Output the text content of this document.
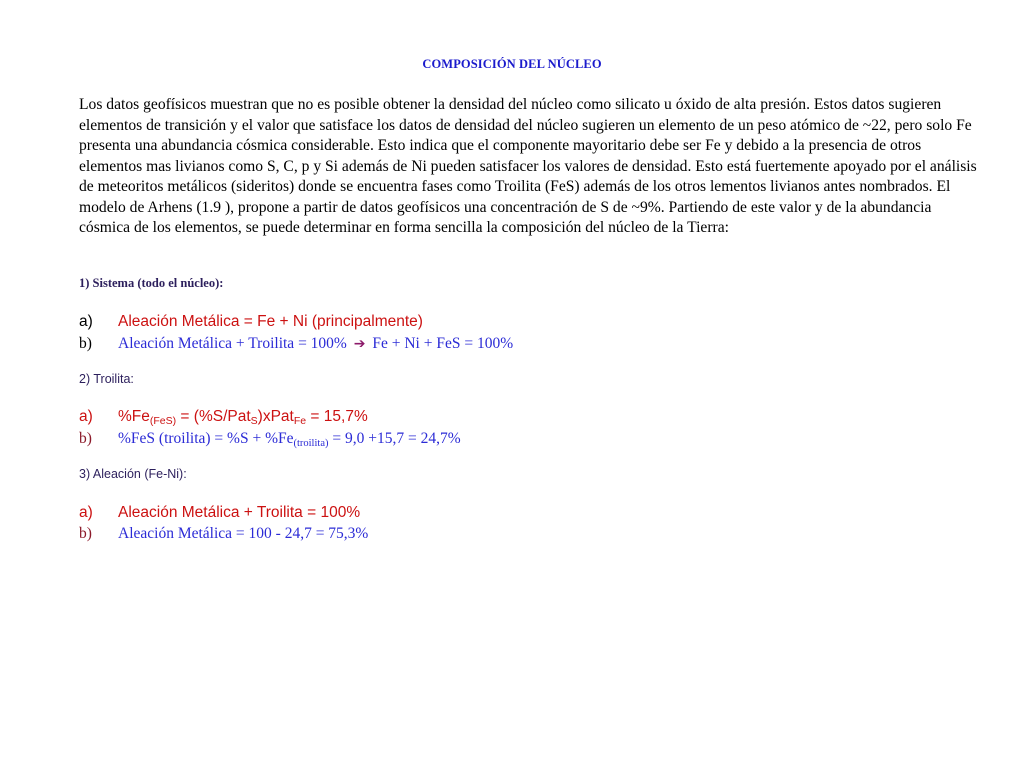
COMPOSICIÓN DEL NÚCLEO
Los datos geofísicos muestran que no es posible obtener la densidad del núcleo como silicato u óxido de alta presión. Estos datos sugieren elementos de transición y el valor que satisface los datos de densidad del núcleo sugieren un elemento de un peso atómico de ~22, pero solo Fe presenta una abundancia cósmica considerable. Esto indica que el componente mayoritario debe ser Fe y debido a la presencia de otros elementos mas livianos como S, C, p y Si además de Ni pueden satisfacer los valores de densidad. Esto está fuertemente apoyado por el análisis de meteoritos metálicos (sideritos) donde se encuentra fases como Troilita (FeS) además de los otros lementos livianos antes nombrados. El modelo de Arhens (1.9 ), propone a partir de datos geofísicos una concentración de S de ~9%. Partiendo de este valor y de la abundancia cósmica de los elementos, se puede determinar en forma sencilla la composición del núcleo de la Tierra:
1) Sistema (todo el núcleo):
a) Aleación Metálica = Fe + Ni (principalmente)
b) Aleación Metálica + Troilita = 100% ➔ Fe + Ni + FeS = 100%
2) Troilita:
a) $\%Fe_{(FeS)}$ = (%S/Pat$_S$)xPat$_{Fe}$ = 15,7%
b) %FeS (troilita) = $\%S + \%Fe_{(troilita)} = 9,0 +15,7 = 24,7\%$
3) Aleación (Fe-Ni):
a) Aleación Metálica + Troilita = 100%
b) Aleación Metálica = 100 - 24,7 = 75,3%
